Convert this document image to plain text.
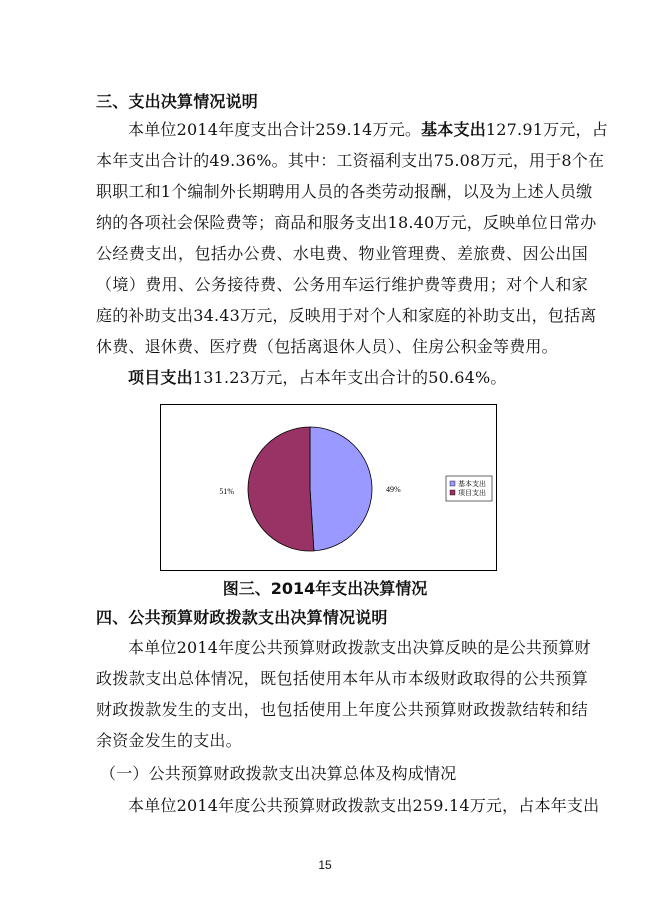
三、支出决算情况说明
本单位2014年度支出合计259.14万元。基本支出127.91万元，占
本年支出合计的49.36%。其中：工资福利支出75.08万元，用于8个在
职职工和1个编制外长期聘用人员的各类劳动报酬，以及为上述人员缴
纳的各项社会保险费等；商品和服务支出18.40万元，反映单位日常办
公经费支出，包括办公费、水电费、物业管理费、差旅费、因公出国
（境）费用、公务接待费、公务用车运行维护费等费用；对个人和家
庭的补助支出34.43万元，反映用于对个人和家庭的补助支出，包括离
休费、退休费、医疗费（包括离退休人员）、住房公积金等费用。
项目支出131.23万元，占本年支出合计的50.64%。
49%
51%
基本支出
项目支出
图三、2014年支出决算情况
四、公共预算财政拨款支出决算情况说明
本单位2014年度公共预算财政拨款支出决算反映的是公共预算财
政拨款支出总体情况，既包括使用本年从市本级财政取得的公共预算
财政拨款发生的支出，也包括使用上年度公共预算财政拨款结转和结
余资金发生的支出。
（一）公共预算财政拨款支出决算总体及构成情况
本单位2014年度公共预算财政拨款支出259.14万元，占本年支出
15
